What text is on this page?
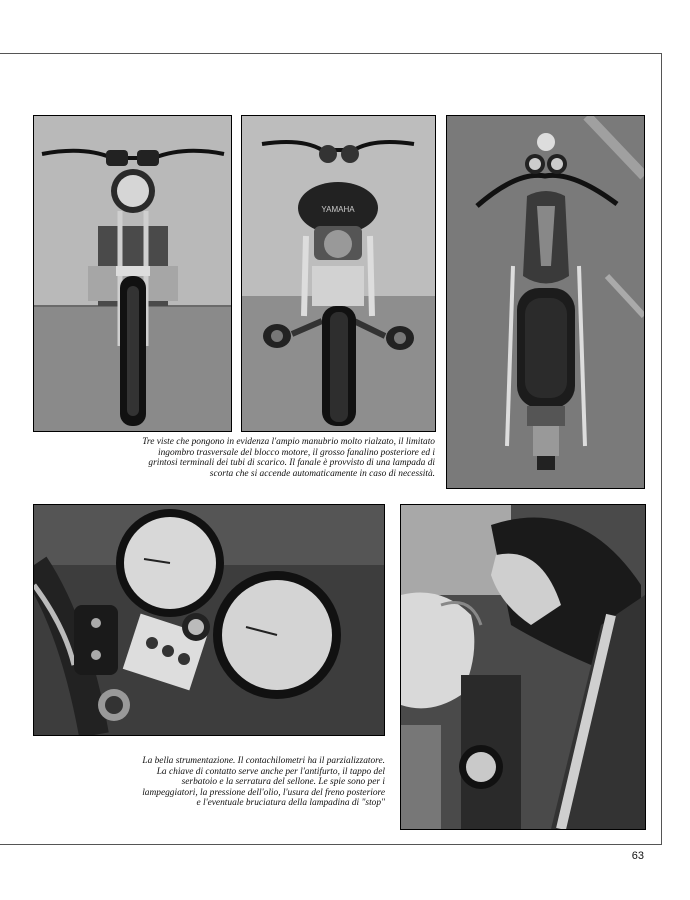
YAMAHA
Tre viste che pongono in evidenza l'ampio manubrio molto rialzato, il limitato
ingombro trasversale del blocco motore, il grosso fanalino posteriore ed i
grintosi terminali dei tubi di scarico. Il fanale è provvisto di una lampada di
scorta che si accende automaticamente in caso di necessità.
La bella strumentazione. Il contachilometri ha il parzializzatore.
La chiave di contatto serve anche per l'antifurto, il tappo del
serbatoio e la serratura del sellone. Le spie sono per i
lampeggiatori, la pressione dell'olio, l'usura del freno posteriore
e l'eventuale bruciatura della lampadina di "stop"
63
